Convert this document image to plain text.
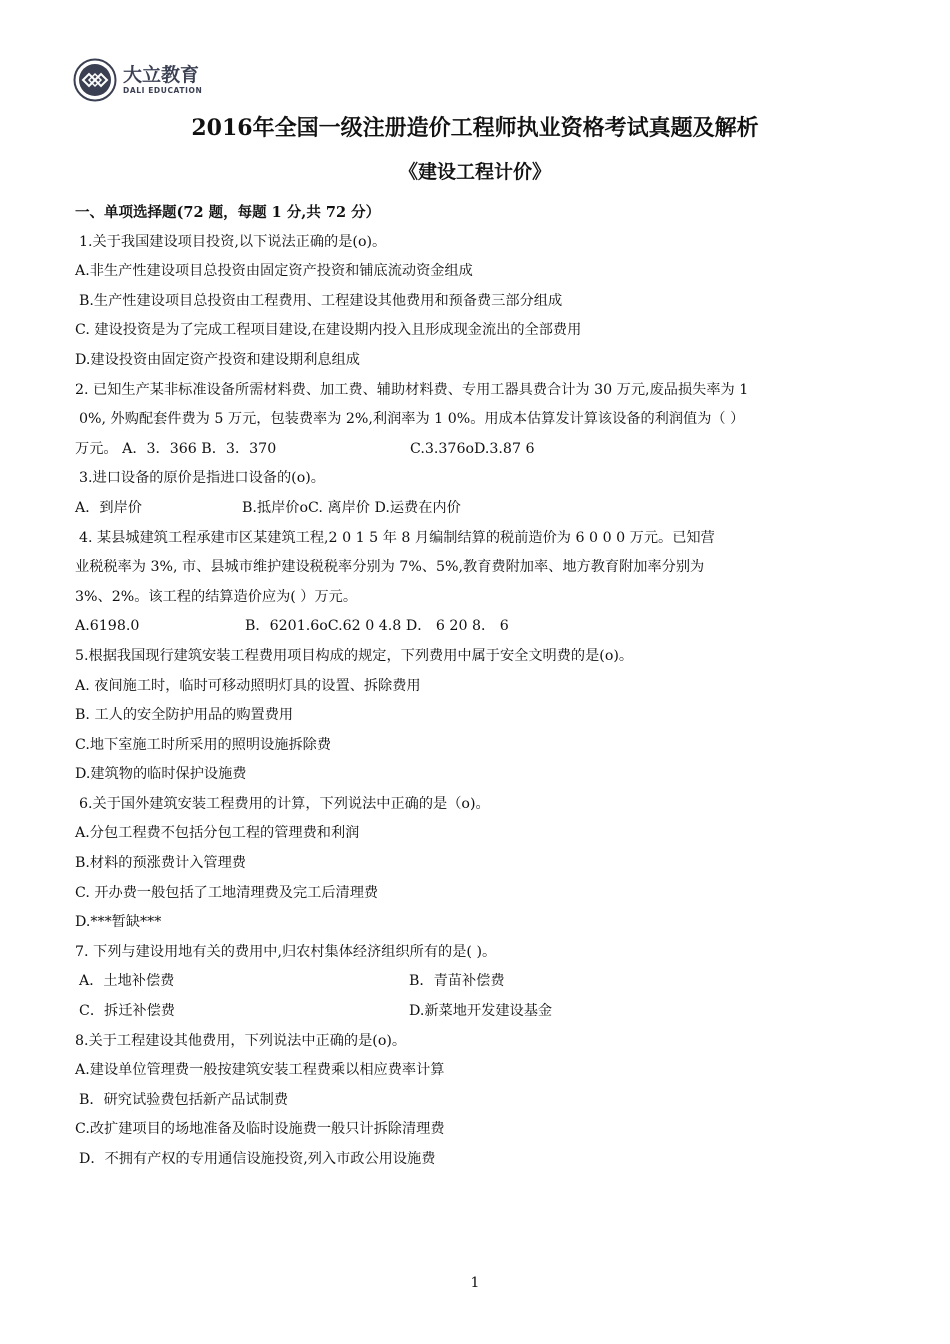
大立教育
DALI EDUCATION
2016年全国一级注册造价工程师执业资格考试真题及解析
《建设工程计价》
一、单项选择题(72 题，每题 1 分,共 72 分）
1.关于我国建设项目投资,以下说法正确的是(o)。
A.非生产性建设项目总投资由固定资产投资和铺底流动资金组成
B.生产性建设项目总投资由工程费用、工程建设其他费用和预备费三部分组成
C. 建设投资是为了完成工程项目建设,在建设期内投入且形成现金流出的全部费用
D.建设投资由固定资产投资和建设期利息组成
2. 已知生产某非标准设备所需材料费、加工费、辅助材料费、专用工器具费合计为 30 万元,废品损失率为 1
0%, 外购配套件费为 5 万元，包装费率为 2%,利润率为 1 0%。用成本估算发计算该设备的利润值为（ ）
万元。 A．3．366 B．3．370	C.3.376oD.3.87 6
3.进口设备的原价是指进口设备的(o)。
A．到岸价	B.抵岸价oC. 离岸价 D.运费在内价
4. 某县城建筑工程承建市区某建筑工程,2 0 1 5 年 8 月编制结算的税前造价为 6 0 0 0 万元。已知营
业税税率为 3%, 市、县城市维护建设税税率分别为 7%、5%,教育费附加率、地方教育附加率分别为
3%、2%。该工程的结算造价应为( ）万元。
A.6198.0	B．6201.6oC.62 0 4.8 D． 6 20 8． 6
5.根据我国现行建筑安装工程费用项目构成的规定，下列费用中属于安全文明费的是(o)。
A. 夜间施工时，临时可移动照明灯具的设置、拆除费用
B. 工人的安全防护用品的购置费用
C.地下室施工时所采用的照明设施拆除费
D.建筑物的临时保护设施费
6.关于国外建筑安装工程费用的计算，下列说法中正确的是（o)。
A.分包工程费不包括分包工程的管理费和利润
B.材料的预涨费计入管理费
C. 开办费一般包括了工地清理费及完工后清理费
D.***暂缺***
7. 下列与建设用地有关的费用中,归农村集体经济组织所有的是( )。
A．土地补偿费	B．青苗补偿费
C．拆迁补偿费	D.新菜地开发建设基金
8.关于工程建设其他费用，下列说法中正确的是(o)。
A.建设单位管理费一般按建筑安装工程费乘以相应费率计算
B．研究试验费包括新产品试制费
C.改扩建项目的场地准备及临时设施费一般只计拆除清理费
D．不拥有产权的专用通信设施投资,列入市政公用设施费
1
